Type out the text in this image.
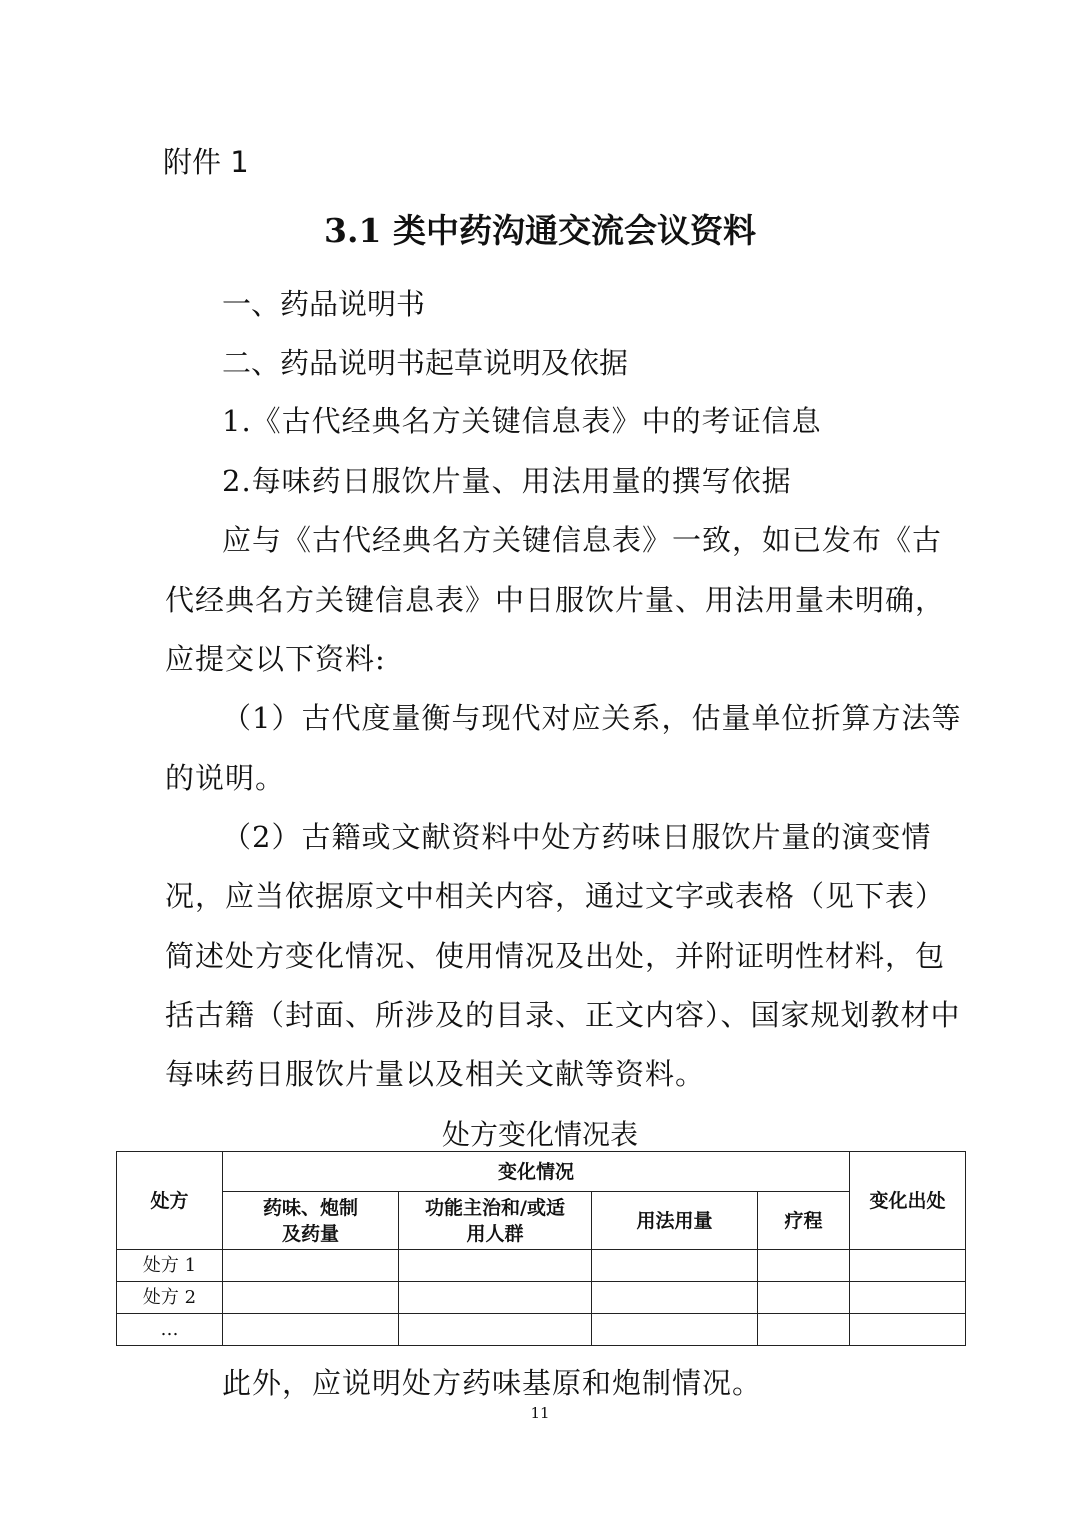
附件 1
3.1 类中药沟通交流会议资料
一、药品说明书
二、药品说明书起草说明及依据
1.《古代经典名方关键信息表》中的考证信息
2.每味药日服饮片量、用法用量的撰写依据
应与《古代经典名方关键信息表》一致，如已发布《古
代经典名方关键信息表》中日服饮片量、用法用量未明确，
应提交以下资料:
（1）古代度量衡与现代对应关系，估量单位折算方法等
的说明。
（2）古籍或文献资料中处方药味日服饮片量的演变情
况，应当依据原文中相关内容，通过文字或表格（见下表）
简述处方变化情况、使用情况及出处，并附证明性材料，包
括古籍（封面、所涉及的目录、正文内容）、国家规划教材中
每味药日服饮片量以及相关文献等资料。
处方变化情况表
处方	变化情况				变化出处
	药味、炮制及药量	功能主治和/或适用人群	用法用量	疗程	
处方 1					
处方 2					
…					
此外，应说明处方药味基原和炮制情况。
11
